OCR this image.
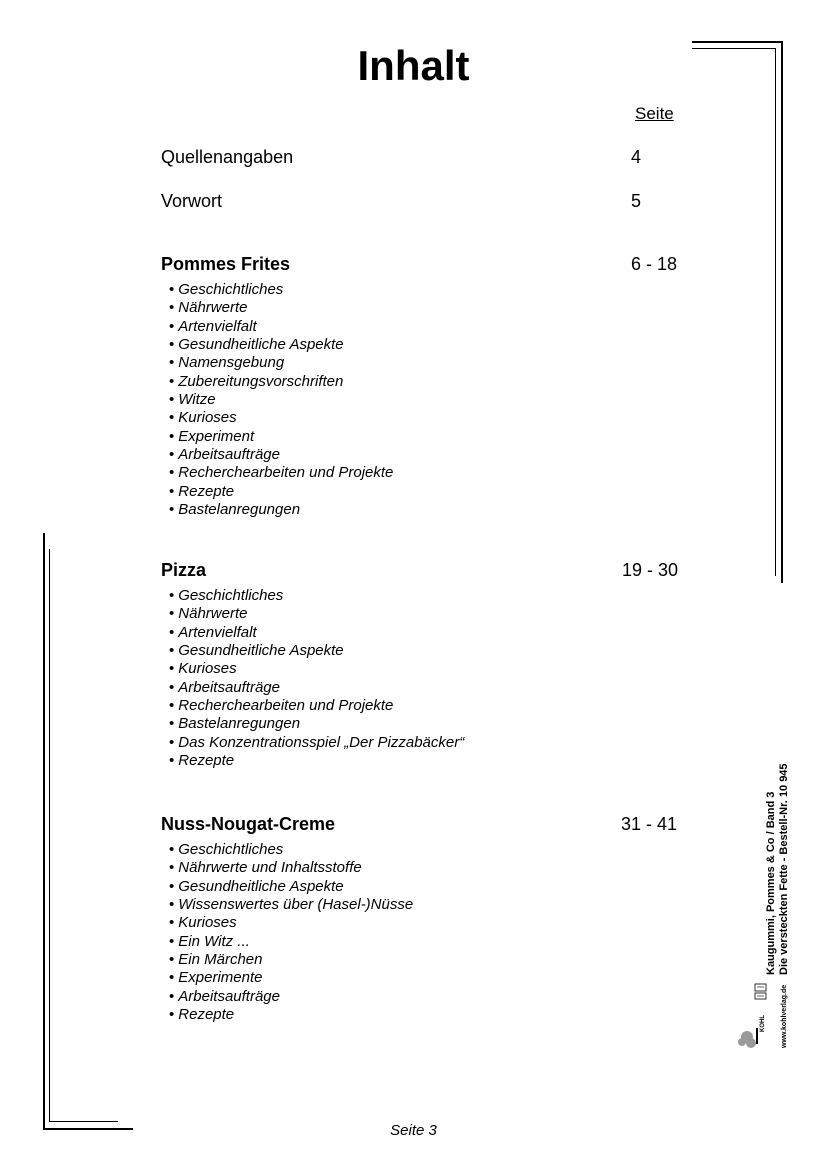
Inhalt
Seite
Quellenangaben	4
Vorwort	5
Pommes Frites	6 - 18
• Geschichtliches
• Nährwerte
• Artenvielfalt
• Gesundheitliche Aspekte
• Namensgebung
• Zubereitungsvorschriften
• Witze
• Kurioses
• Experiment
• Arbeitsaufträge
• Recherchearbeiten und Projekte
• Rezepte
• Bastelanregungen
Pizza	19 - 30
• Geschichtliches
• Nährwerte
• Artenvielfalt
• Gesundheitliche Aspekte
• Kurioses
• Arbeitsaufträge
• Recherchearbeiten und Projekte
• Bastelanregungen
• Das Konzentrationsspiel „Der Pizzabäcker“
• Rezepte
Nuss-Nougat-Creme	31 - 41
• Geschichtliches
• Nährwerte und Inhaltsstoffe
• Gesundheitliche Aspekte
• Wissenswertes über (Hasel-)Nüsse
• Kurioses
• Ein Witz ...
• Ein Märchen
• Experimente
• Arbeitsaufträge
• Rezepte
KOHL
Kaugummi, Pommes & Co / Band 3 Die versteckten Fette - Bestell-Nr. 10 945
www.kohlverlag.de
Seite 3
